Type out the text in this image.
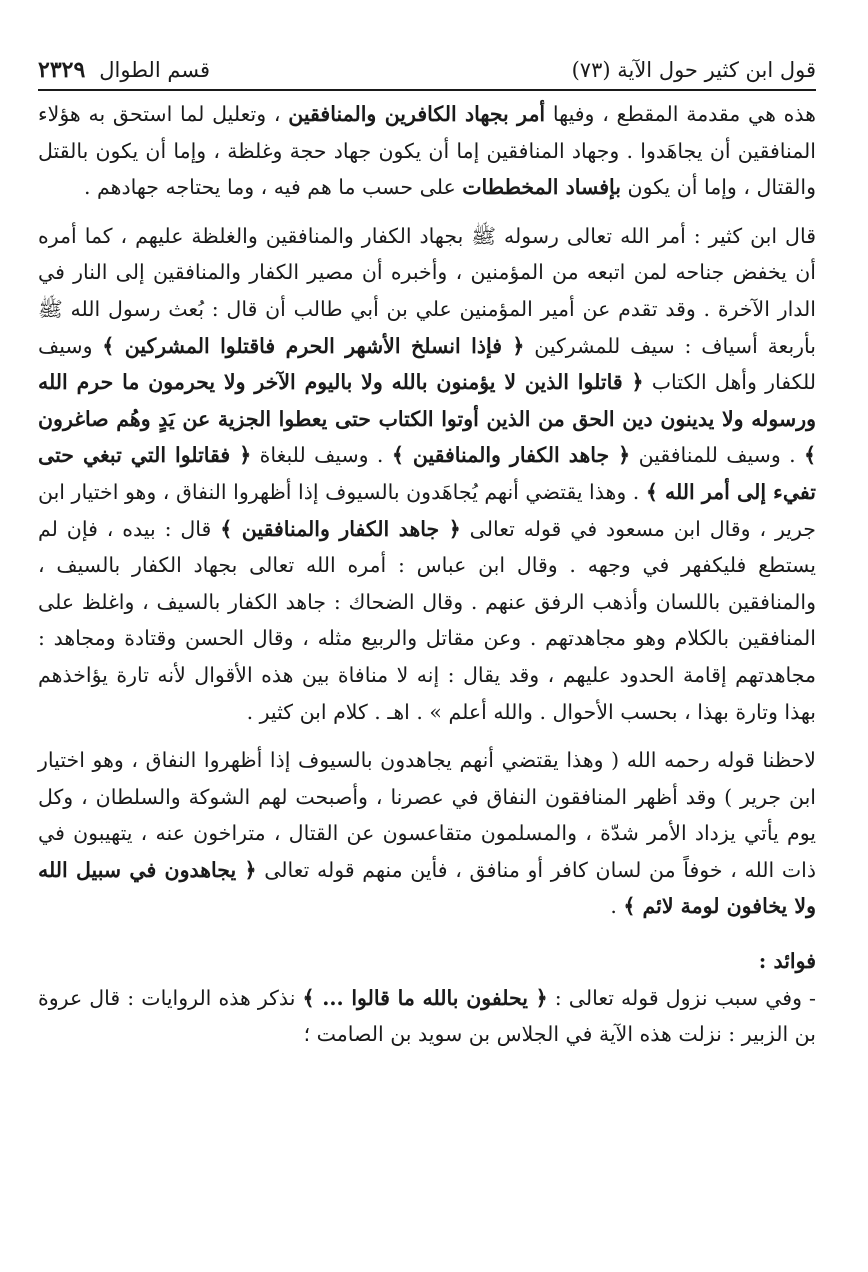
قول ابن كثير حول الآية (٧٣)
قسم الطوال
٢٣٢٩

هذه هي مقدمة المقطع ، وفيها أمر بجهاد الكافرين والمنافقين ، وتعليل لما استحق به هؤلاء المنافقين أن يجاهَدوا . وجهاد المنافقين إما أن يكون جهاد حجة وغلظة ، وإما أن يكون بالقتل والقتال ، وإما أن يكون بإفساد المخططات على حسب ما هم فيه ، وما يحتاجه جهادهم .

قال ابن كثير : أمر الله تعالى رسوله ﷺ بجهاد الكفار والمنافقين والغلظة عليهم ، كما أمره أن يخفض جناحه لمن اتبعه من المؤمنين ، وأخبره أن مصير الكفار والمنافقين إلى النار في الدار الآخرة . وقد تقدم عن أمير المؤمنين علي بن أبي طالب أن قال : بُعث رسول الله ﷺ بأربعة أسياف : سيف للمشركين ﴿ فإذا انسلخ الأشهر الحرم فاقتلوا المشركين ﴾ وسيف للكفار وأهل الكتاب ﴿ قاتلوا الذين لا يؤمنون بالله ولا باليوم الآخر ولا يحرمون ما حرم الله ورسوله ولا يدينون دين الحق من الذين أوتوا الكتاب حتى يعطوا الجزية عن يَدٍ وهُم صاغرون ﴾ . وسيف للمنافقين ﴿ جاهد الكفار والمنافقين ﴾ . وسيف للبغاة ﴿ فقاتلوا التي تبغي حتى تفيء إلى أمر الله ﴾ . وهذا يقتضي أنهم يُجاهَدون بالسيوف إذا أظهروا النفاق ، وهو اختيار ابن جرير ، وقال ابن مسعود في قوله تعالى ﴿ جاهد الكفار والمنافقين ﴾ قال : بيده ، فإن لم يستطع فليكفهر في وجهه . وقال ابن عباس : أمره الله تعالى بجهاد الكفار بالسيف ، والمنافقين باللسان وأذهب الرفق عنهم . وقال الضحاك : جاهد الكفار بالسيف ، واغلظ على المنافقين بالكلام وهو مجاهدتهم . وعن مقاتل والربيع مثله ، وقال الحسن وقتادة ومجاهد : مجاهدتهم إقامة الحدود عليهم ، وقد يقال : إنه لا منافاة بين هذه الأقوال لأنه تارة يؤاخذهم بهذا وتارة بهذا ، بحسب الأحوال . والله أعلم » . اهـ . كلام ابن كثير .

لاحظنا قوله رحمه الله ( وهذا يقتضي أنهم يجاهدون بالسيوف إذا أظهروا النفاق ، وهو اختيار ابن جرير ) وقد أظهر المنافقون النفاق في عصرنا ، وأصبحت لهم الشوكة والسلطان ، وكل يوم يأتي يزداد الأمر شدّة ، والمسلمون متقاعسون عن القتال ، متراخون عنه ، يتهيبون في ذات الله ، خوفاً من لسان كافر أو منافق ، فأين منهم قوله تعالى ﴿ يجاهدون في سبيل الله ولا يخافون لومة لائم ﴾ .

فوائد :

- وفي سبب نزول قوله تعالى : ﴿ يحلفون بالله ما قالوا ... ﴾ نذكر هذه الروايات : قال عروة بن الزبير : نزلت هذه الآية في الجلاس بن سويد بن الصامت ؛
